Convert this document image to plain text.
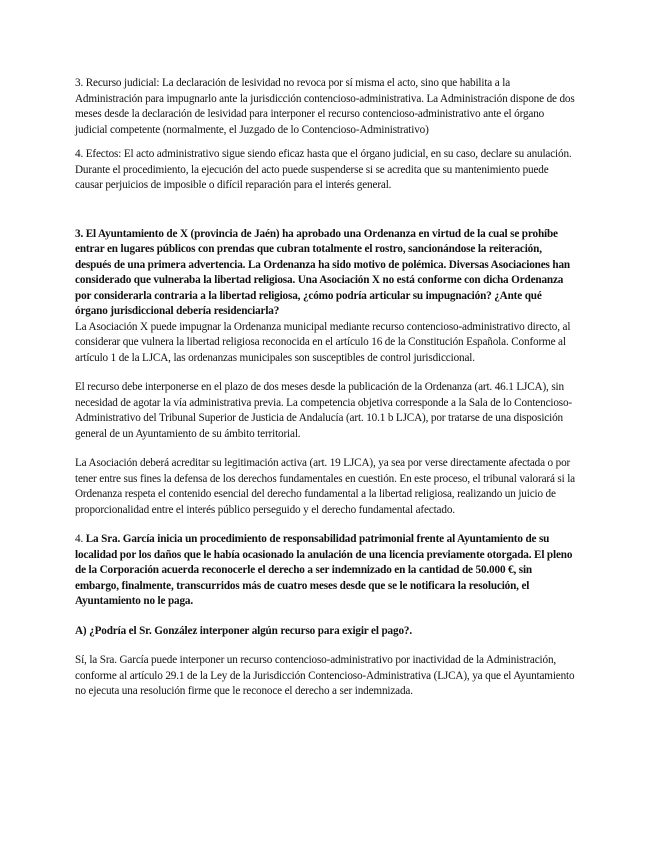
3. Recurso judicial: La declaración de lesividad no revoca por sí misma el acto, sino que habilita a la Administración para impugnarlo ante la jurisdicción contencioso-administrativa. La Administración dispone de dos meses desde la declaración de lesividad para interponer el recurso contencioso-administrativo ante el órgano judicial competente (normalmente, el Juzgado de lo Contencioso-Administrativo)

4. Efectos: El acto administrativo sigue siendo eficaz hasta que el órgano judicial, en su caso, declare su anulación. Durante el procedimiento, la ejecución del acto puede suspenderse si se acredita que su mantenimiento puede causar perjuicios de imposible o difícil reparación para el interés general.

3. El Ayuntamiento de X (provincia de Jaén) ha aprobado una Ordenanza en virtud de la cual se prohíbe entrar en lugares públicos con prendas que cubran totalmente el rostro, sancionándose la reiteración, después de una primera advertencia. La Ordenanza ha sido motivo de polémica. Diversas Asociaciones han considerado que vulneraba la libertad religiosa. Una Asociación X no está conforme con dicha Ordenanza por considerarla contraria a la libertad religiosa, ¿cómo podría articular su impugnación? ¿Ante qué órgano jurisdiccional debería residenciarla?

La Asociación X puede impugnar la Ordenanza municipal mediante recurso contencioso-administrativo directo, al considerar que vulnera la libertad religiosa reconocida en el artículo 16 de la Constitución Española. Conforme al artículo 1 de la LJCA, las ordenanzas municipales son susceptibles de control jurisdiccional.

El recurso debe interponerse en el plazo de dos meses desde la publicación de la Ordenanza (art. 46.1 LJCA), sin necesidad de agotar la vía administrativa previa. La competencia objetiva corresponde a la Sala de lo Contencioso-Administrativo del Tribunal Superior de Justicia de Andalucía (art. 10.1 b LJCA), por tratarse de una disposición general de un Ayuntamiento de su ámbito territorial.

La Asociación deberá acreditar su legitimación activa (art. 19 LJCA), ya sea por verse directamente afectada o por tener entre sus fines la defensa de los derechos fundamentales en cuestión. En este proceso, el tribunal valorará si la Ordenanza respeta el contenido esencial del derecho fundamental a la libertad religiosa, realizando un juicio de proporcionalidad entre el interés público perseguido y el derecho fundamental afectado.

4. La Sra. García inicia un procedimiento de responsabilidad patrimonial frente al Ayuntamiento de su localidad por los daños que le había ocasionado la anulación de una licencia previamente otorgada. El pleno de la Corporación acuerda reconocerle el derecho a ser indemnizado en la cantidad de 50.000 €, sin embargo, finalmente, transcurridos más de cuatro meses desde que se le notificara la resolución, el Ayuntamiento no le paga.

A) ¿Podría el Sr. González interponer algún recurso para exigir el pago?.

Sí, la Sra. García puede interponer un recurso contencioso-administrativo por inactividad de la Administración, conforme al artículo 29.1 de la Ley de la Jurisdicción Contencioso-Administrativa (LJCA), ya que el Ayuntamiento no ejecuta una resolución firme que le reconoce el derecho a ser indemnizada.
